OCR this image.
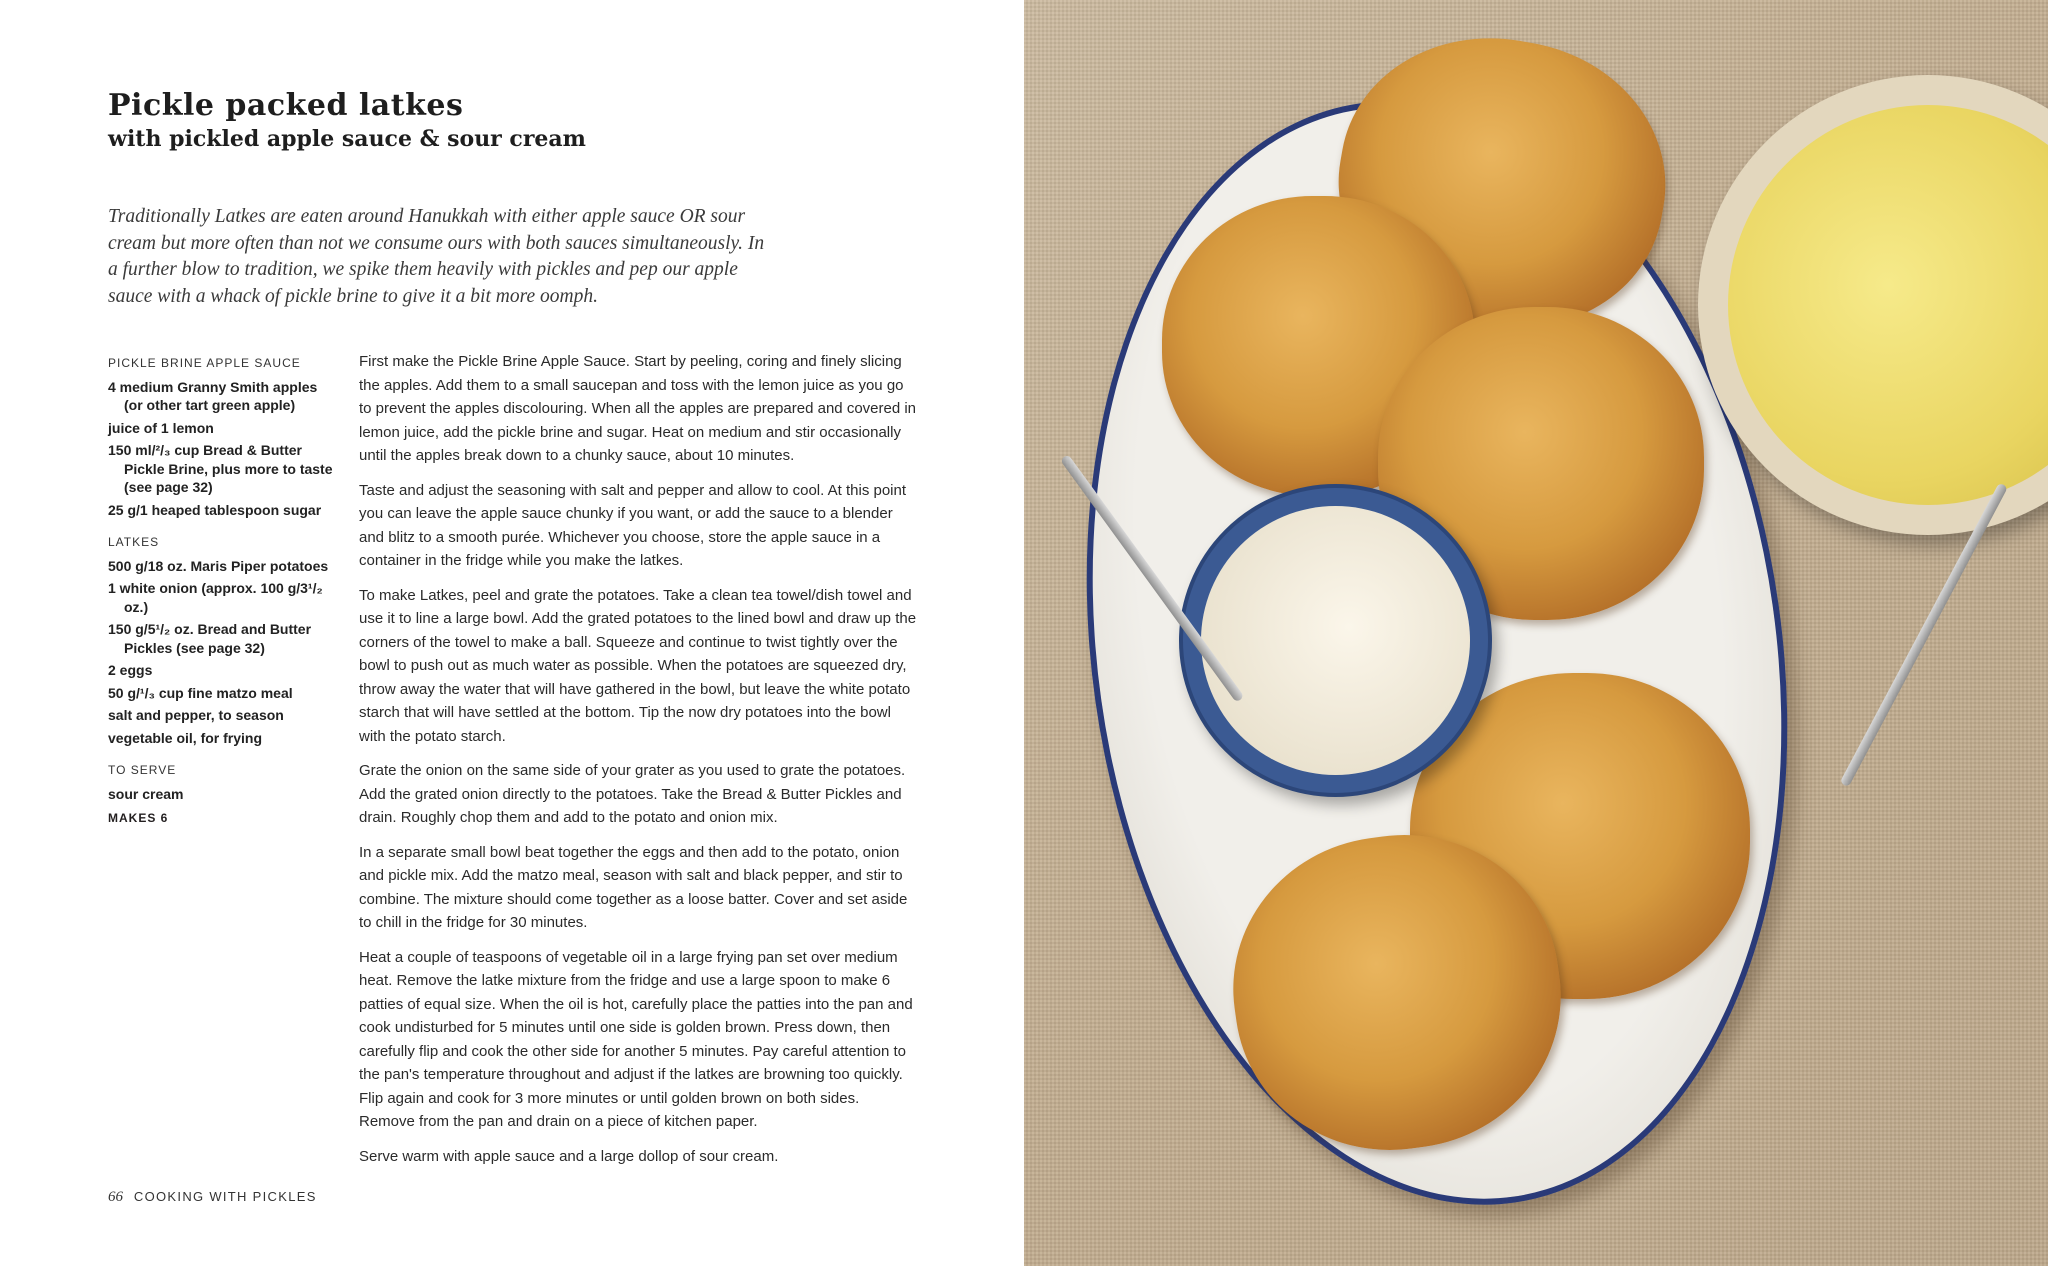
Pickle packed latkes
with pickled apple sauce & sour cream

Traditionally Latkes are eaten around Hanukkah with either apple sauce OR sour cream but more often than not we consume ours with both sauces simultaneously. In a further blow to tradition, we spike them heavily with pickles and pep our apple sauce with a whack of pickle brine to give it a bit more oomph.

PICKLE BRINE APPLE SAUCE
4 medium Granny Smith apples (or other tart green apple)
juice of 1 lemon
150 ml/²/₃ cup Bread & Butter Pickle Brine, plus more to taste (see page 32)
25 g/1 heaped tablespoon sugar
LATKES
500 g/18 oz. Maris Piper potatoes
1 white onion (approx. 100 g/3¹/₂ oz.)
150 g/5¹/₂ oz. Bread and Butter Pickles (see page 32)
2 eggs
50 g/¹/₃ cup fine matzo meal
salt and pepper, to season
vegetable oil, for frying
TO SERVE
sour cream
MAKES 6

First make the Pickle Brine Apple Sauce. Start by peeling, coring and finely slicing the apples. Add them to a small saucepan and toss with the lemon juice as you go to prevent the apples discolouring. When all the apples are prepared and covered in lemon juice, add the pickle brine and sugar. Heat on medium and stir occasionally until the apples break down to a chunky sauce, about 10 minutes.

Taste and adjust the seasoning with salt and pepper and allow to cool. At this point you can leave the apple sauce chunky if you want, or add the sauce to a blender and blitz to a smooth purée. Whichever you choose, store the apple sauce in a container in the fridge while you make the latkes.

To make Latkes, peel and grate the potatoes. Take a clean tea towel/dish towel and use it to line a large bowl. Add the grated potatoes to the lined bowl and draw up the corners of the towel to make a ball. Squeeze and continue to twist tightly over the bowl to push out as much water as possible. When the potatoes are squeezed dry, throw away the water that will have gathered in the bowl, but leave the white potato starch that will have settled at the bottom. Tip the now dry potatoes into the bowl with the potato starch.

Grate the onion on the same side of your grater as you used to grate the potatoes. Add the grated onion directly to the potatoes. Take the Bread & Butter Pickles and drain. Roughly chop them and add to the potato and onion mix.

In a separate small bowl beat together the eggs and then add to the potato, onion and pickle mix. Add the matzo meal, season with salt and black pepper, and stir to combine. The mixture should come together as a loose batter. Cover and set aside to chill in the fridge for 30 minutes.

Heat a couple of teaspoons of vegetable oil in a large frying pan set over medium heat. Remove the latke mixture from the fridge and use a large spoon to make 6 patties of equal size. When the oil is hot, carefully place the patties into the pan and cook undisturbed for 5 minutes until one side is golden brown. Press down, then carefully flip and cook the other side for another 5 minutes. Pay careful attention to the pan's temperature throughout and adjust if the latkes are browning too quickly. Flip again and cook for 3 more minutes or until golden brown on both sides. Remove from the pan and drain on a piece of kitchen paper.

Serve warm with apple sauce and a large dollop of sour cream.

66 COOKING WITH PICKLES
